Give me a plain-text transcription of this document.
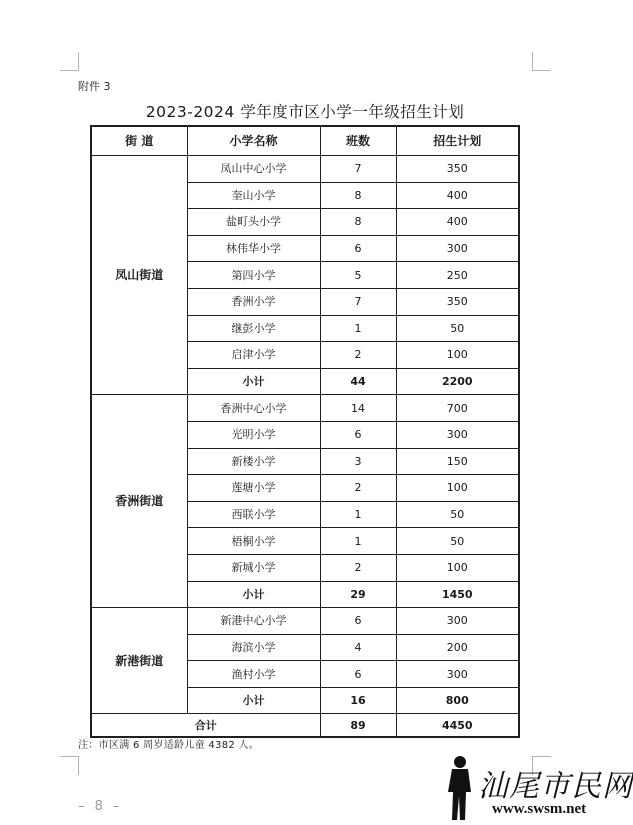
附件 3
2023-2024 学年度市区小学一年级招生计划
街 道	小学名称	班数	招生计划
凤山街道	凤山中心小学	7	350
	奎山小学	8	400
	盐町头小学	8	400
	林伟华小学	6	300
	第四小学	5	250
	香洲小学	7	350
	继彭小学	1	50
	启津小学	2	100
	小计	44	2200
香洲街道	香洲中心小学	14	700
	光明小学	6	300
	新楼小学	3	150
	莲塘小学	2	100
	西联小学	1	50
	梧桐小学	1	50
	新城小学	2	100
	小计	29	1450
新港街道	新港中心小学	6	300
	海滨小学	4	200
	渔村小学	6	300
	小计	16	800
合计		89	4450
注：市区满 6 周岁适龄儿童 4382 人。
– 8 –
汕尾市民网
www.swsm.net
